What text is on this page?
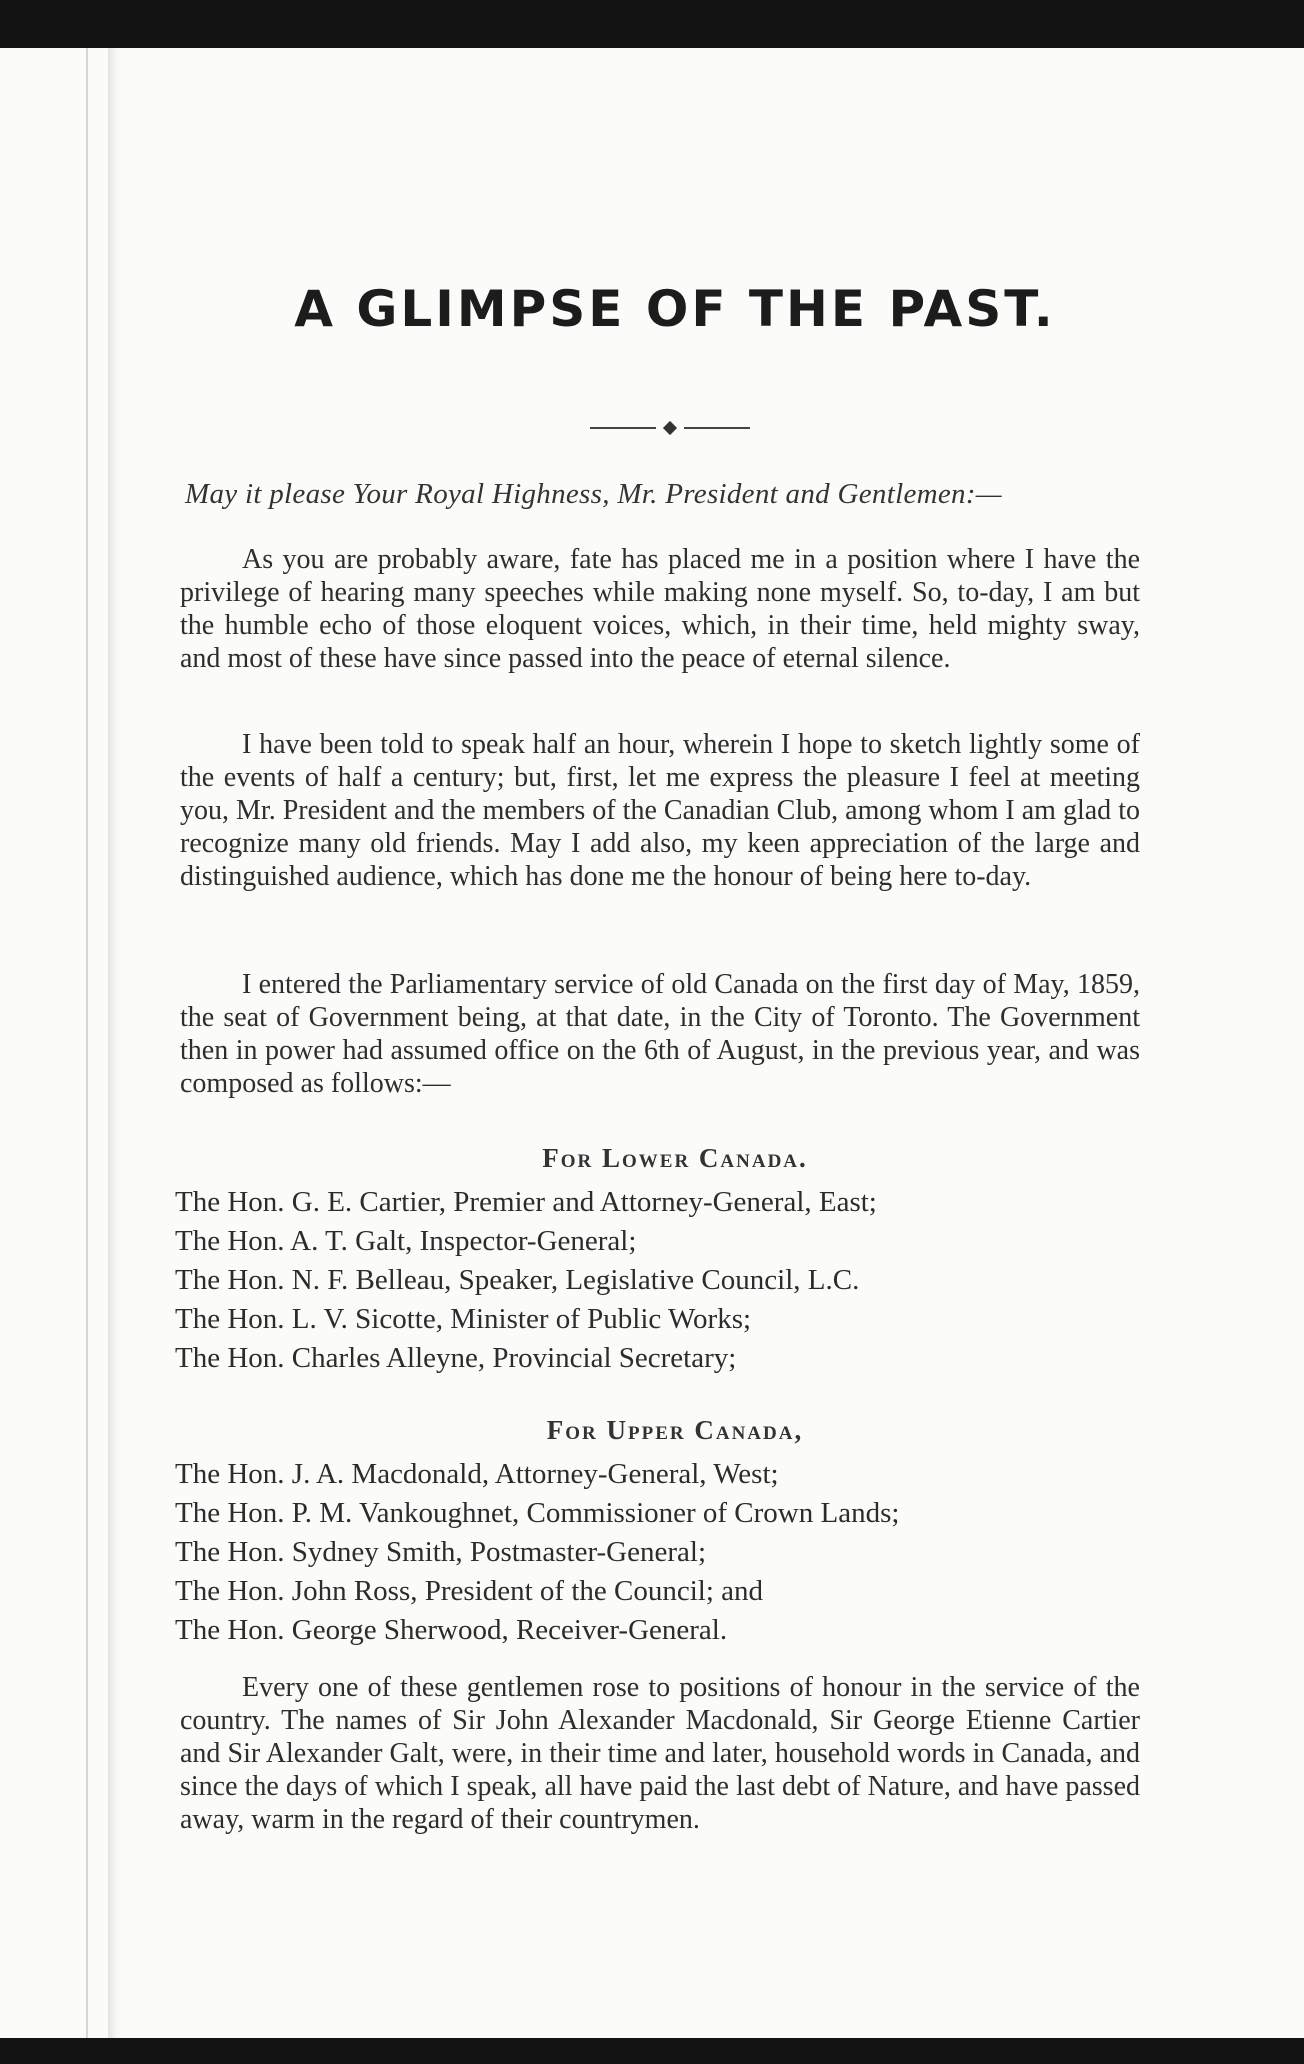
A GLIMPSE OF THE PAST.

May it please Your Royal Highness, Mr. President and Gentlemen:—

As you are probably aware, fate has placed me in a position where I have the privilege of hearing many speeches while making none myself. So, to-day, I am but the humble echo of those eloquent voices, which, in their time, held mighty sway, and most of these have since passed into the peace of eternal silence.

I have been told to speak half an hour, wherein I hope to sketch lightly some of the events of half a century; but, first, let me express the pleasure I feel at meeting you, Mr. President and the members of the Canadian Club, among whom I am glad to recognize many old friends. May I add also, my keen appreciation of the large and distinguished audience, which has done me the honour of being here to-day.

I entered the Parliamentary service of old Canada on the first day of May, 1859, the seat of Government being, at that date, in the City of Toronto. The Government then in power had assumed office on the 6th of August, in the previous year, and was composed as follows:—

For Lower Canada.
The Hon. G. E. Cartier, Premier and Attorney-General, East;
The Hon. A. T. Galt, Inspector-General;
The Hon. N. F. Belleau, Speaker, Legislative Council, L.C.
The Hon. L. V. Sicotte, Minister of Public Works;
The Hon. Charles Alleyne, Provincial Secretary;
For Upper Canada,
The Hon. J. A. Macdonald, Attorney-General, West;
The Hon. P. M. Vankoughnet, Commissioner of Crown Lands;
The Hon. Sydney Smith, Postmaster-General;
The Hon. John Ross, President of the Council; and
The Hon. George Sherwood, Receiver-General.

Every one of these gentlemen rose to positions of honour in the service of the country. The names of Sir John Alexander Macdonald, Sir George Etienne Cartier and Sir Alexander Galt, were, in their time and later, household words in Canada, and since the days of which I speak, all have paid the last debt of Nature, and have passed away, warm in the regard of their countrymen.
